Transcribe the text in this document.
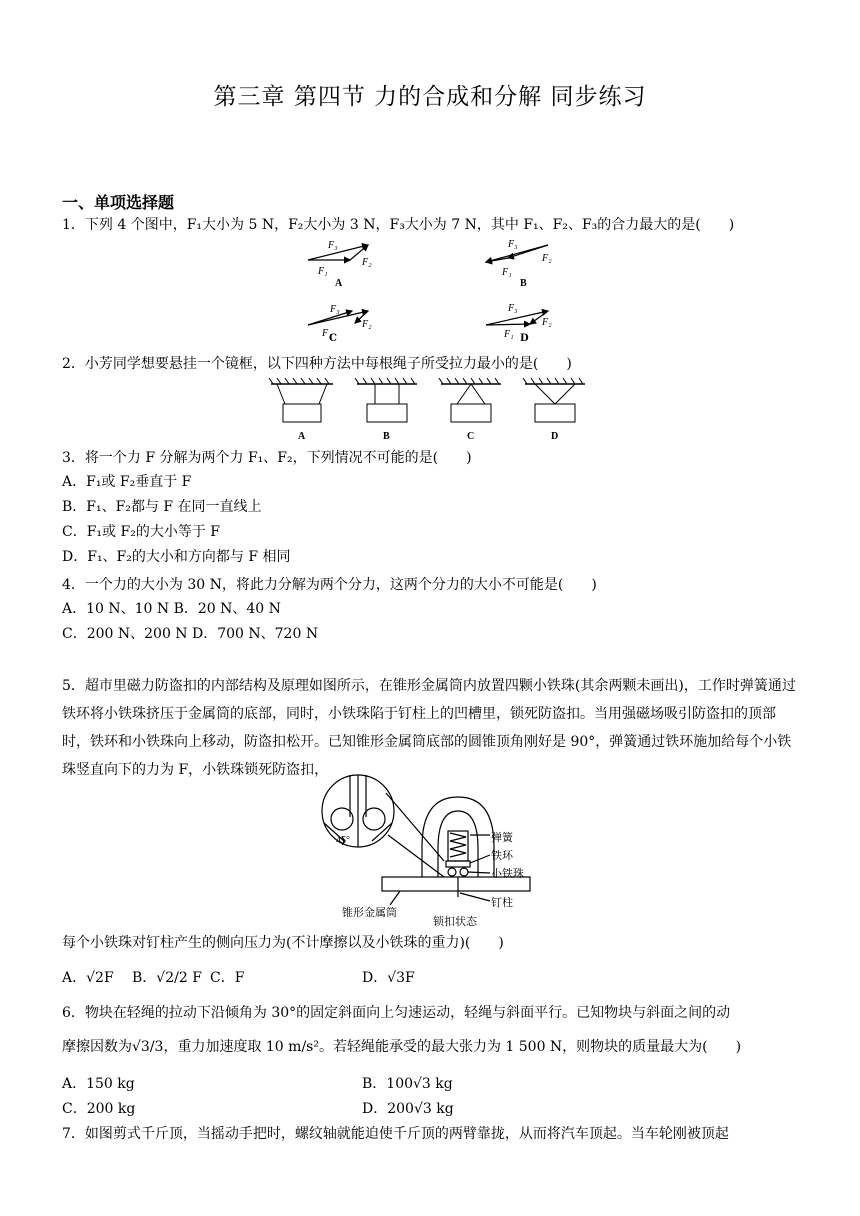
第三章 第四节 力的合成和分解 同步练习
一、单项选择题
1．下列 4 个图中，F₁大小为 5 N，F₂大小为 3 N，F₃大小为 7 N，其中 F₁、F₂、F₃的合力最大的是(　　)
F₃
F₁
F₂
A
F₃
F₁
F₂
B
F₃
F₁
F₂
F₃
F₁
F₂
C	D
2．小芳同学想要悬挂一个镜框，以下四种方法中每根绳子所受拉力最小的是(　　)
A	B	C	D
3．将一个力 F 分解为两个力 F₁、F₂，下列情况不可能的是(　　)
A．F₁或 F₂垂直于 F
B．F₁、F₂都与 F 在同一直线上
C．F₁或 F₂的大小等于 F
D．F₁、F₂的大小和方向都与 F 相同
4．一个力的大小为 30 N，将此力分解为两个分力，这两个分力的大小不可能是(　　)
A．10 N、10 N B．20 N、40 N
C．200 N、200 N D．700 N、720 N
5．超市里磁力防盗扣的内部结构及原理如图所示，在锥形金属筒内放置四颗小铁珠(其余两颗未画出)，工作时弹簧通过铁环将小铁珠挤压于金属筒的底部，同时，小铁珠陷于钉柱上的凹槽里，锁死防盗扣。当用强磁场吸引防盗扣的顶部时，铁环和小铁珠向上移动，防盗扣松开。已知锥形金属筒底部的圆锥顶角刚好是 90°，弹簧通过铁环施加给每个小铁珠竖直向下的力为 F，小铁珠锁死防盗扣，
45°	弹簧
铁环
小铁珠
钉柱
锥形金属筒
锁扣状态
每个小铁珠对钉柱产生的侧向压力为(不计摩擦以及小铁珠的重力)(　　)
A．√2F B．√2/2 F	D．√3F
C．F
6．物块在轻绳的拉动下沿倾角为 30°的固定斜面向上匀速运动，轻绳与斜面平行。已知物块与斜面之间的动
摩擦因数为√3/3，重力加速度取 10 m/s²。若轻绳能承受的最大张力为 1 500 N，则物块的质量最大为(　　)
A．150 kg	B．100√3 kg
C．200 kg	D．200√3 kg
7．如图剪式千斤顶，当摇动手把时，螺纹轴就能迫使千斤顶的两臂靠拢，从而将汽车顶起。当车轮刚被顶起
